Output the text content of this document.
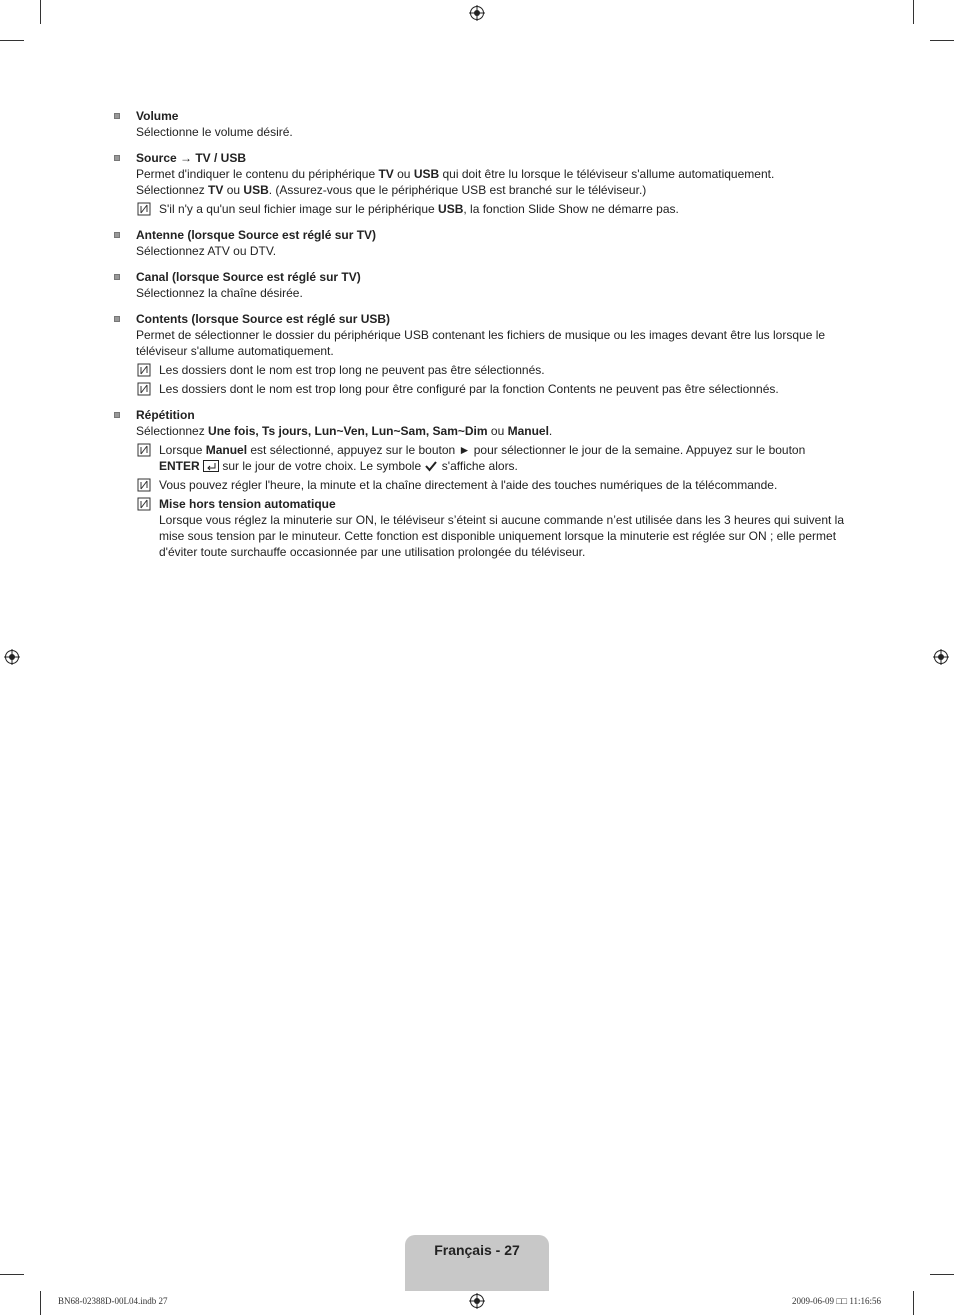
Volume
Sélectionne le volume désiré.
Source → TV / USB
Permet d'indiquer le contenu du périphérique TV ou USB qui doit être lu lorsque le téléviseur s'allume automatiquement.
Sélectionnez TV ou USB. (Assurez-vous que le périphérique USB est branché sur le téléviseur.)
S'il n'y a qu'un seul fichier image sur le périphérique USB, la fonction Slide Show ne démarre pas.
Antenne (lorsque Source est réglé sur TV)
Sélectionnez ATV ou DTV.
Canal (lorsque Source est réglé sur TV)
Sélectionnez la chaîne désirée.
Contents (lorsque Source est réglé sur USB)
Permet de sélectionner le dossier du périphérique USB contenant les fichiers de musique ou les images devant être lus lorsque le téléviseur s'allume automatiquement.
Les dossiers dont le nom est trop long ne peuvent pas être sélectionnés.
Les dossiers dont le nom est trop long pour être configuré par la fonction Contents ne peuvent pas être sélectionnés.
Répétition
Sélectionnez Une fois, Ts jours, Lun~Ven, Lun~Sam, Sam~Dim ou Manuel.
Lorsque Manuel est sélectionné, appuyez sur le bouton ► pour sélectionner le jour de la semaine. Appuyez sur le bouton ENTER  sur le jour de votre choix. Le symbole  s'affiche alors.
Vous pouvez régler l'heure, la minute et la chaîne directement à l'aide des touches numériques de la télécommande.
Mise hors tension automatique
Lorsque vous réglez la minuterie sur ON, le téléviseur s’éteint si aucune commande n’est utilisée dans les 3 heures qui suivent la mise sous tension par le minuteur. Cette fonction est disponible uniquement lorsque la minuterie est réglée sur ON ; elle permet d'éviter toute surchauffe occasionnée par une utilisation prolongée du téléviseur.
Français - 27
BN68-02388D-00L04.indb 27	2009-06-09 □□ 11:16:56
